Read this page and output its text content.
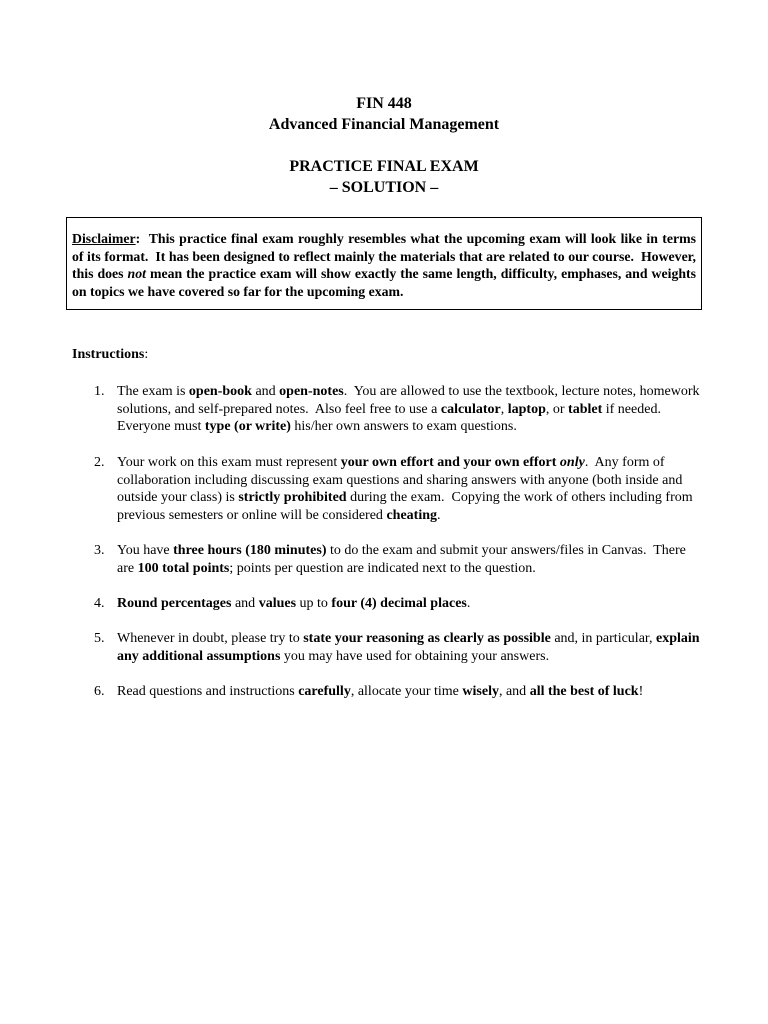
FIN 448
Advanced Financial Management
PRACTICE FINAL EXAM
– SOLUTION –
Disclaimer:  This practice final exam roughly resembles what the upcoming exam will look like in terms of its format.  It has been designed to reflect mainly the materials that are related to our course.  However, this does not mean the practice exam will show exactly the same length, difficulty, emphases, and weights on topics we have covered so far for the upcoming exam.
Instructions:
1. The exam is open-book and open-notes.  You are allowed to use the textbook, lecture notes, homework solutions, and self-prepared notes.  Also feel free to use a calculator, laptop, or tablet if needed.  Everyone must type (or write) his/her own answers to exam questions.
2. Your work on this exam must represent your own effort and your own effort only.  Any form of collaboration including discussing exam questions and sharing answers with anyone (both inside and outside your class) is strictly prohibited during the exam.  Copying the work of others including from previous semesters or online will be considered cheating.
3. You have three hours (180 minutes) to do the exam and submit your answers/files in Canvas.  There are 100 total points; points per question are indicated next to the question.
4. Round percentages and values up to four (4) decimal places.
5. Whenever in doubt, please try to state your reasoning as clearly as possible and, in particular, explain any additional assumptions you may have used for obtaining your answers.
6. Read questions and instructions carefully, allocate your time wisely, and all the best of luck!
